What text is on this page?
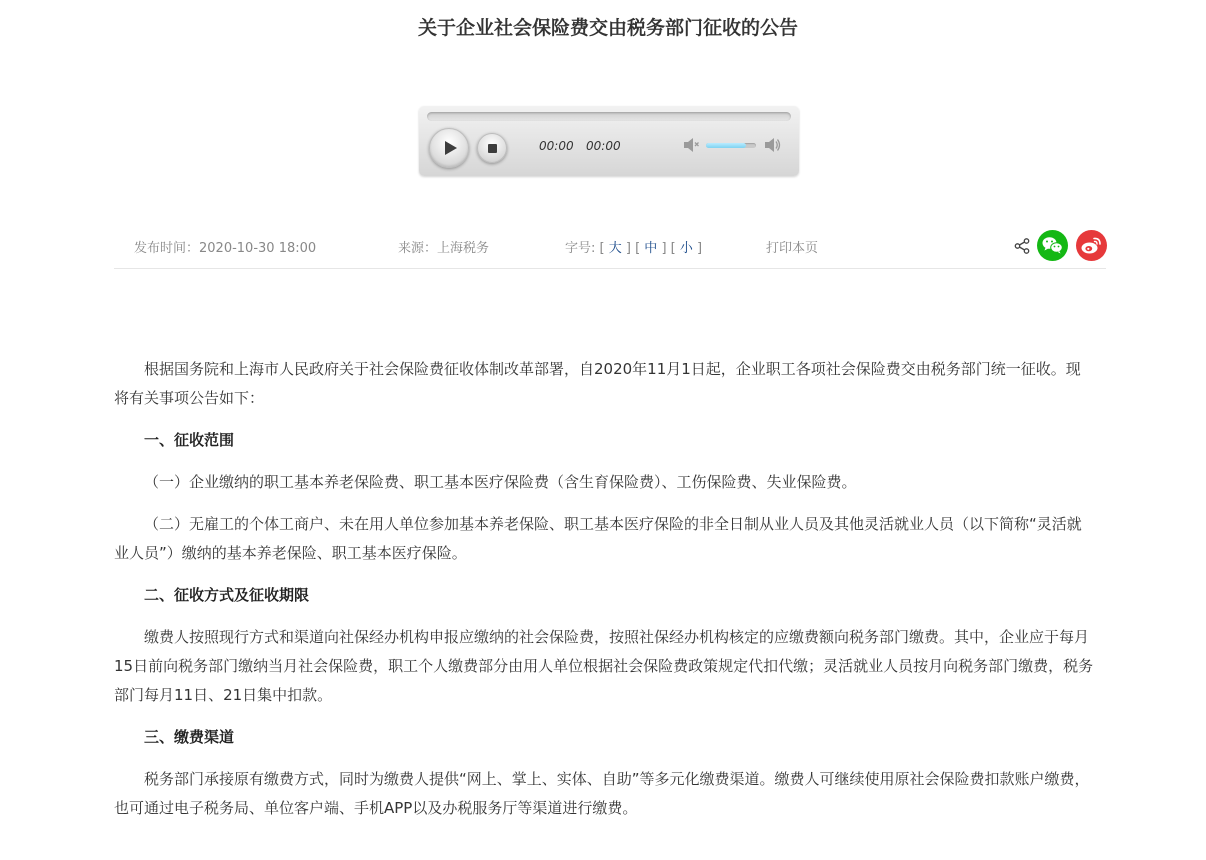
关于企业社会保险费交由税务部门征收的公告
00:00 00:00
发布时间：2020-10-30 18:00	来源：上海税务	字号: [ 大 ] [ 中 ] [ 小 ]	打印本页

根据国务院和上海市人民政府关于社会保险费征收体制改革部署，自2020年11月1日起，企业职工各项社会保险费交由税务部门统一征收。现将有关事项公告如下：

一、征收范围

（一）企业缴纳的职工基本养老保险费、职工基本医疗保险费（含生育保险费）、工伤保险费、失业保险费。

（二）无雇工的个体工商户、未在用人单位参加基本养老保险、职工基本医疗保险的非全日制从业人员及其他灵活就业人员（以下简称“灵活就业人员”）缴纳的基本养老保险、职工基本医疗保险。

二、征收方式及征收期限

缴费人按照现行方式和渠道向社保经办机构申报应缴纳的社会保险费，按照社保经办机构核定的应缴费额向税务部门缴费。其中，企业应于每月15日前向税务部门缴纳当月社会保险费，职工个人缴费部分由用人单位根据社会保险费政策规定代扣代缴；灵活就业人员按月向税务部门缴费，税务部门每月11日、21日集中扣款。

三、缴费渠道

税务部门承接原有缴费方式，同时为缴费人提供“网上、掌上、实体、自助”等多元化缴费渠道。缴费人可继续使用原社会保险费扣款账户缴费，也可通过电子税务局、单位客户端、手机APP以及办税服务厅等渠道进行缴费。
